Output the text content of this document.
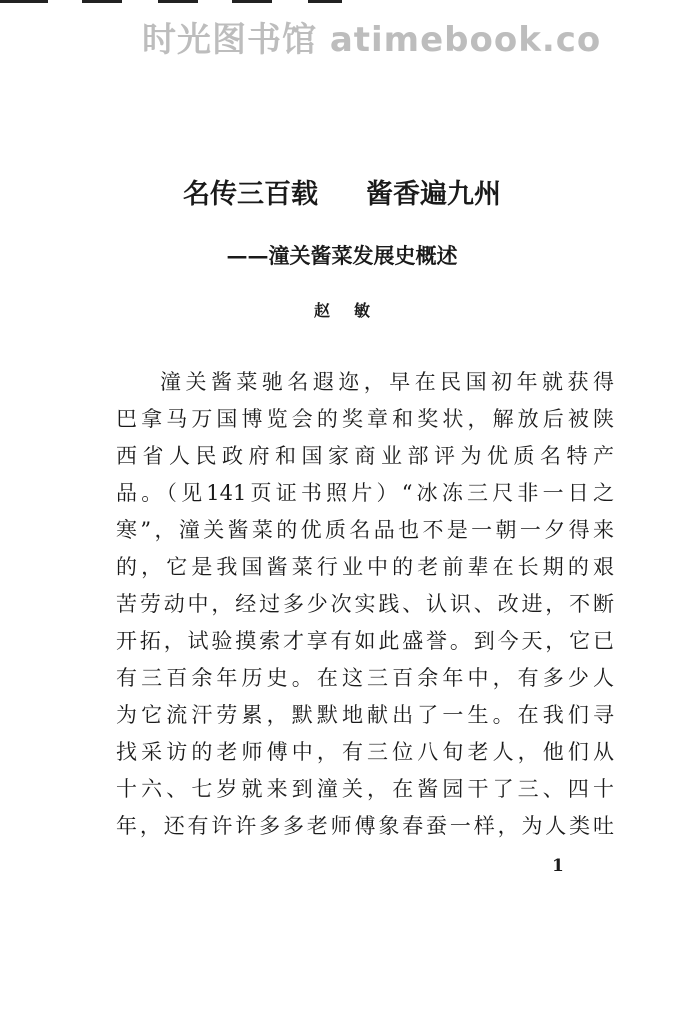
时光图书馆 atimebook.co
名传三百载 酱香遍九州
——潼关酱菜发展史概述
赵敏
潼关酱菜驰名遐迩，早在民国初年就获得
巴拿马万国博览会的奖章和奖状，解放后被陕
西省人民政府和国家商业部评为优质名特产
品。（见141页证书照片）“冰冻三尺非一日之
寒”，潼关酱菜的优质名品也不是一朝一夕得来
的，它是我国酱菜行业中的老前辈在长期的艰
苦劳动中，经过多少次实践、认识、改进，不断
开拓，试验摸索才享有如此盛誉。到今天，它已
有三百余年历史。在这三百余年中，有多少人
为它流汗劳累，默默地献出了一生。在我们寻
找采访的老师傅中，有三位八旬老人，他们从
十六、七岁就来到潼关，在酱园干了三、四十
年，还有许许多多老师傅象春蚕一样，为人类吐
1
